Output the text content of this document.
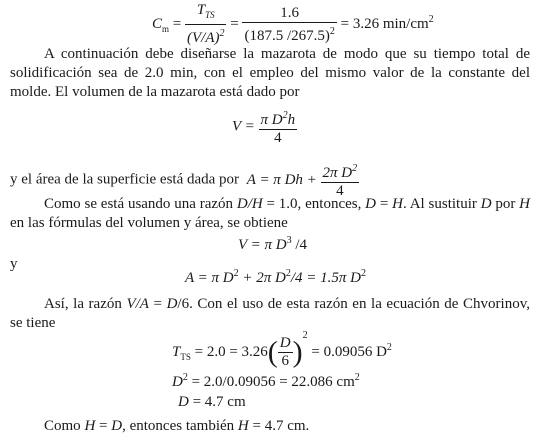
$C_m = \frac{T_{TS}}{(V/A)^2} = \frac{1.6}{(187.5 /267.5)^2} = 3.26$ $\min/cm^2$
A continuación debe diseñarse la mazarota de modo que su tiempo total de solidificación sea de 2.0 min, con el empleo del mismo valor de la constante del molde. El volumen de la mazarota está dado por
$V = \frac{\pi D^2h}{4}$
y el área de la superficie está dada por A = π $Dh + \frac{2\pi D^2}{4}$
Como se está usando una razón D/H = 1.0, entonces, D = H. Al sustituir D por H en las fórmulas del volumen y área, se obtiene
V = π $D^3$ /4
y
A = π $D^2 + 2\pi$ $D^2/4 = 1.5\pi$ $D^2$
Así, la razón V/A = D/6. Con el uso de esta razón en la ecuación de Chvorinov, se tiene
$T_{TS} = 2.0 = 3.26( \frac{D}{6} )^2 = 0.09056$ $D^2$
$D^2 = 2.0/0.09056 = 22.086$ $cm^2$
D = 4.7 cm
Como H = D, entonces también H = 4.7 cm.
